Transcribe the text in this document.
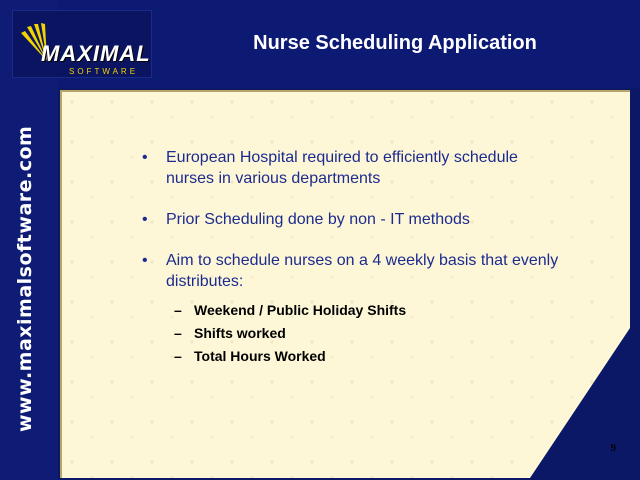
MAXIMAL
SOFTWARE
Nurse Scheduling Application
www.maximalsoftware.com	• European Hospital required to efficiently schedule nurses in various departments
• Prior Scheduling done by non - IT methods
• Aim to schedule nurses on a 4 weekly basis that evenly distributes:
– Weekend / Public Holiday Shifts
– Shifts worked
– Total Hours Worked
9
